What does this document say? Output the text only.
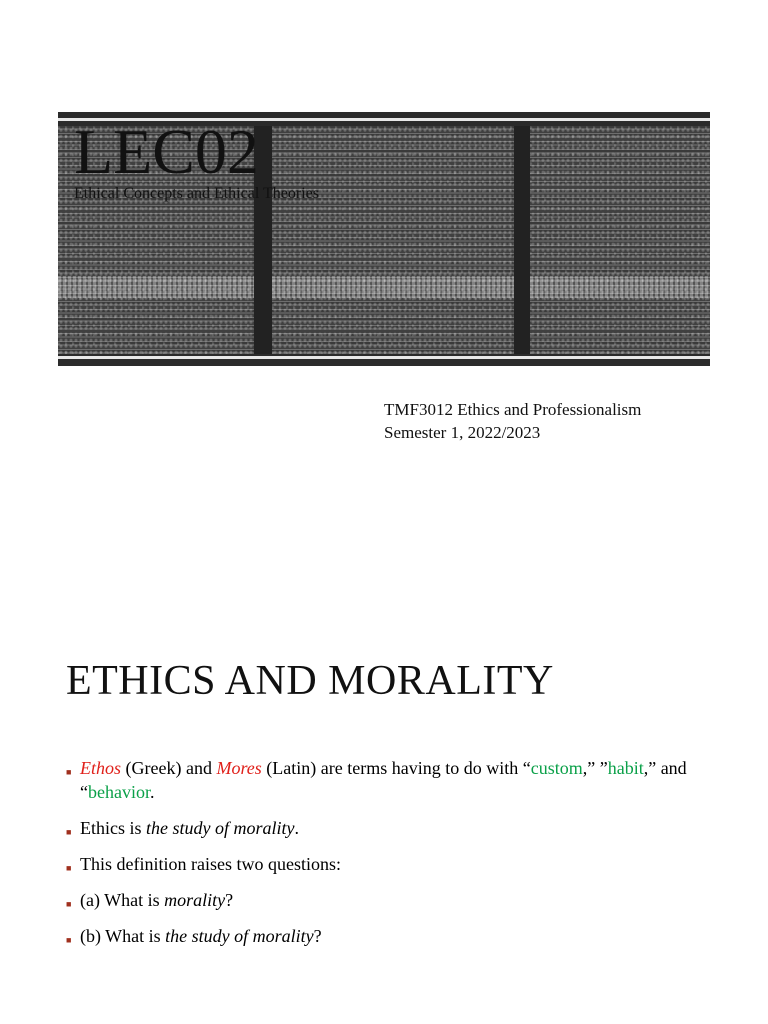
LEC02

Ethical Concepts and Ethical Theories

TMF3012 Ethics and Professionalism
Semester 1, 2022/2023
ETHICS AND MORALITY
■ Ethos (Greek) and Mores (Latin) are terms having to do with “custom,” ”habit,” and “behavior.
■ Ethics is the study of morality.
■ This definition raises two questions:
■ (a) What is morality?
■ (b) What is the study of morality?
